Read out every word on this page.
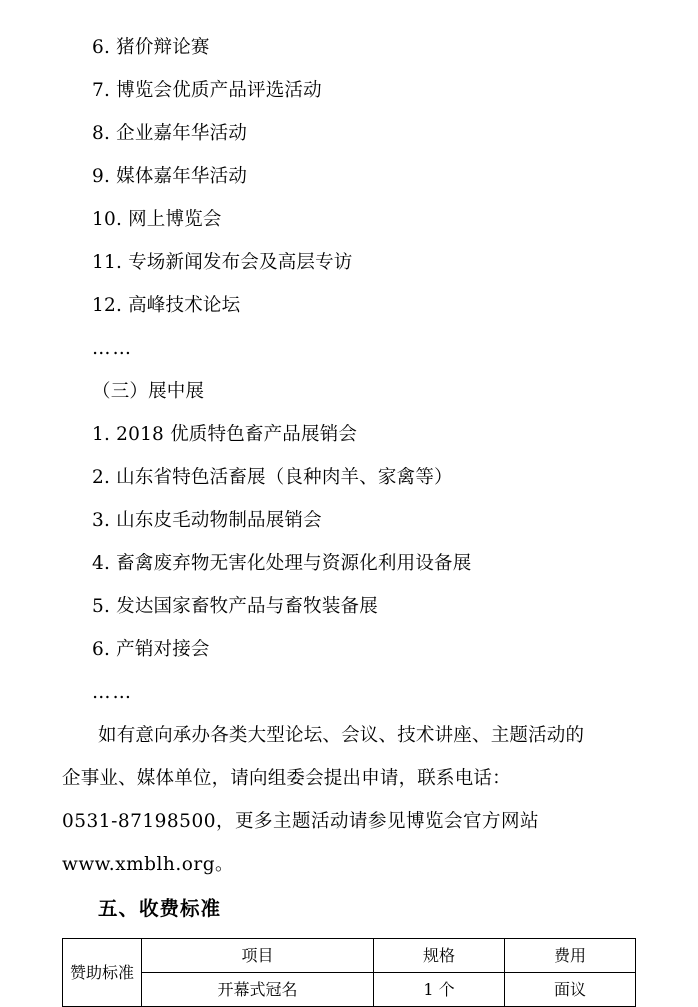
6. 猪价辩论赛
7. 博览会优质产品评选活动
8. 企业嘉年华活动
9. 媒体嘉年华活动
10. 网上博览会
11. 专场新闻发布会及高层专访
12. 高峰技术论坛
……
（三）展中展
1. 2018 优质特色畜产品展销会
2. 山东省特色活畜展（良种肉羊、家禽等）
3. 山东皮毛动物制品展销会
4. 畜禽废弃物无害化处理与资源化利用设备展
5. 发达国家畜牧产品与畜牧装备展
6. 产销对接会
……
如有意向承办各类大型论坛、会议、技术讲座、主题活动的
企事业、媒体单位，请向组委会提出申请，联系电话：
0531-87198500，更多主题活动请参见博览会官方网站
www.xmblh.org。
五、收费标准
赞助标准	项目	规格	费用
	开幕式冠名	1 个	面议
